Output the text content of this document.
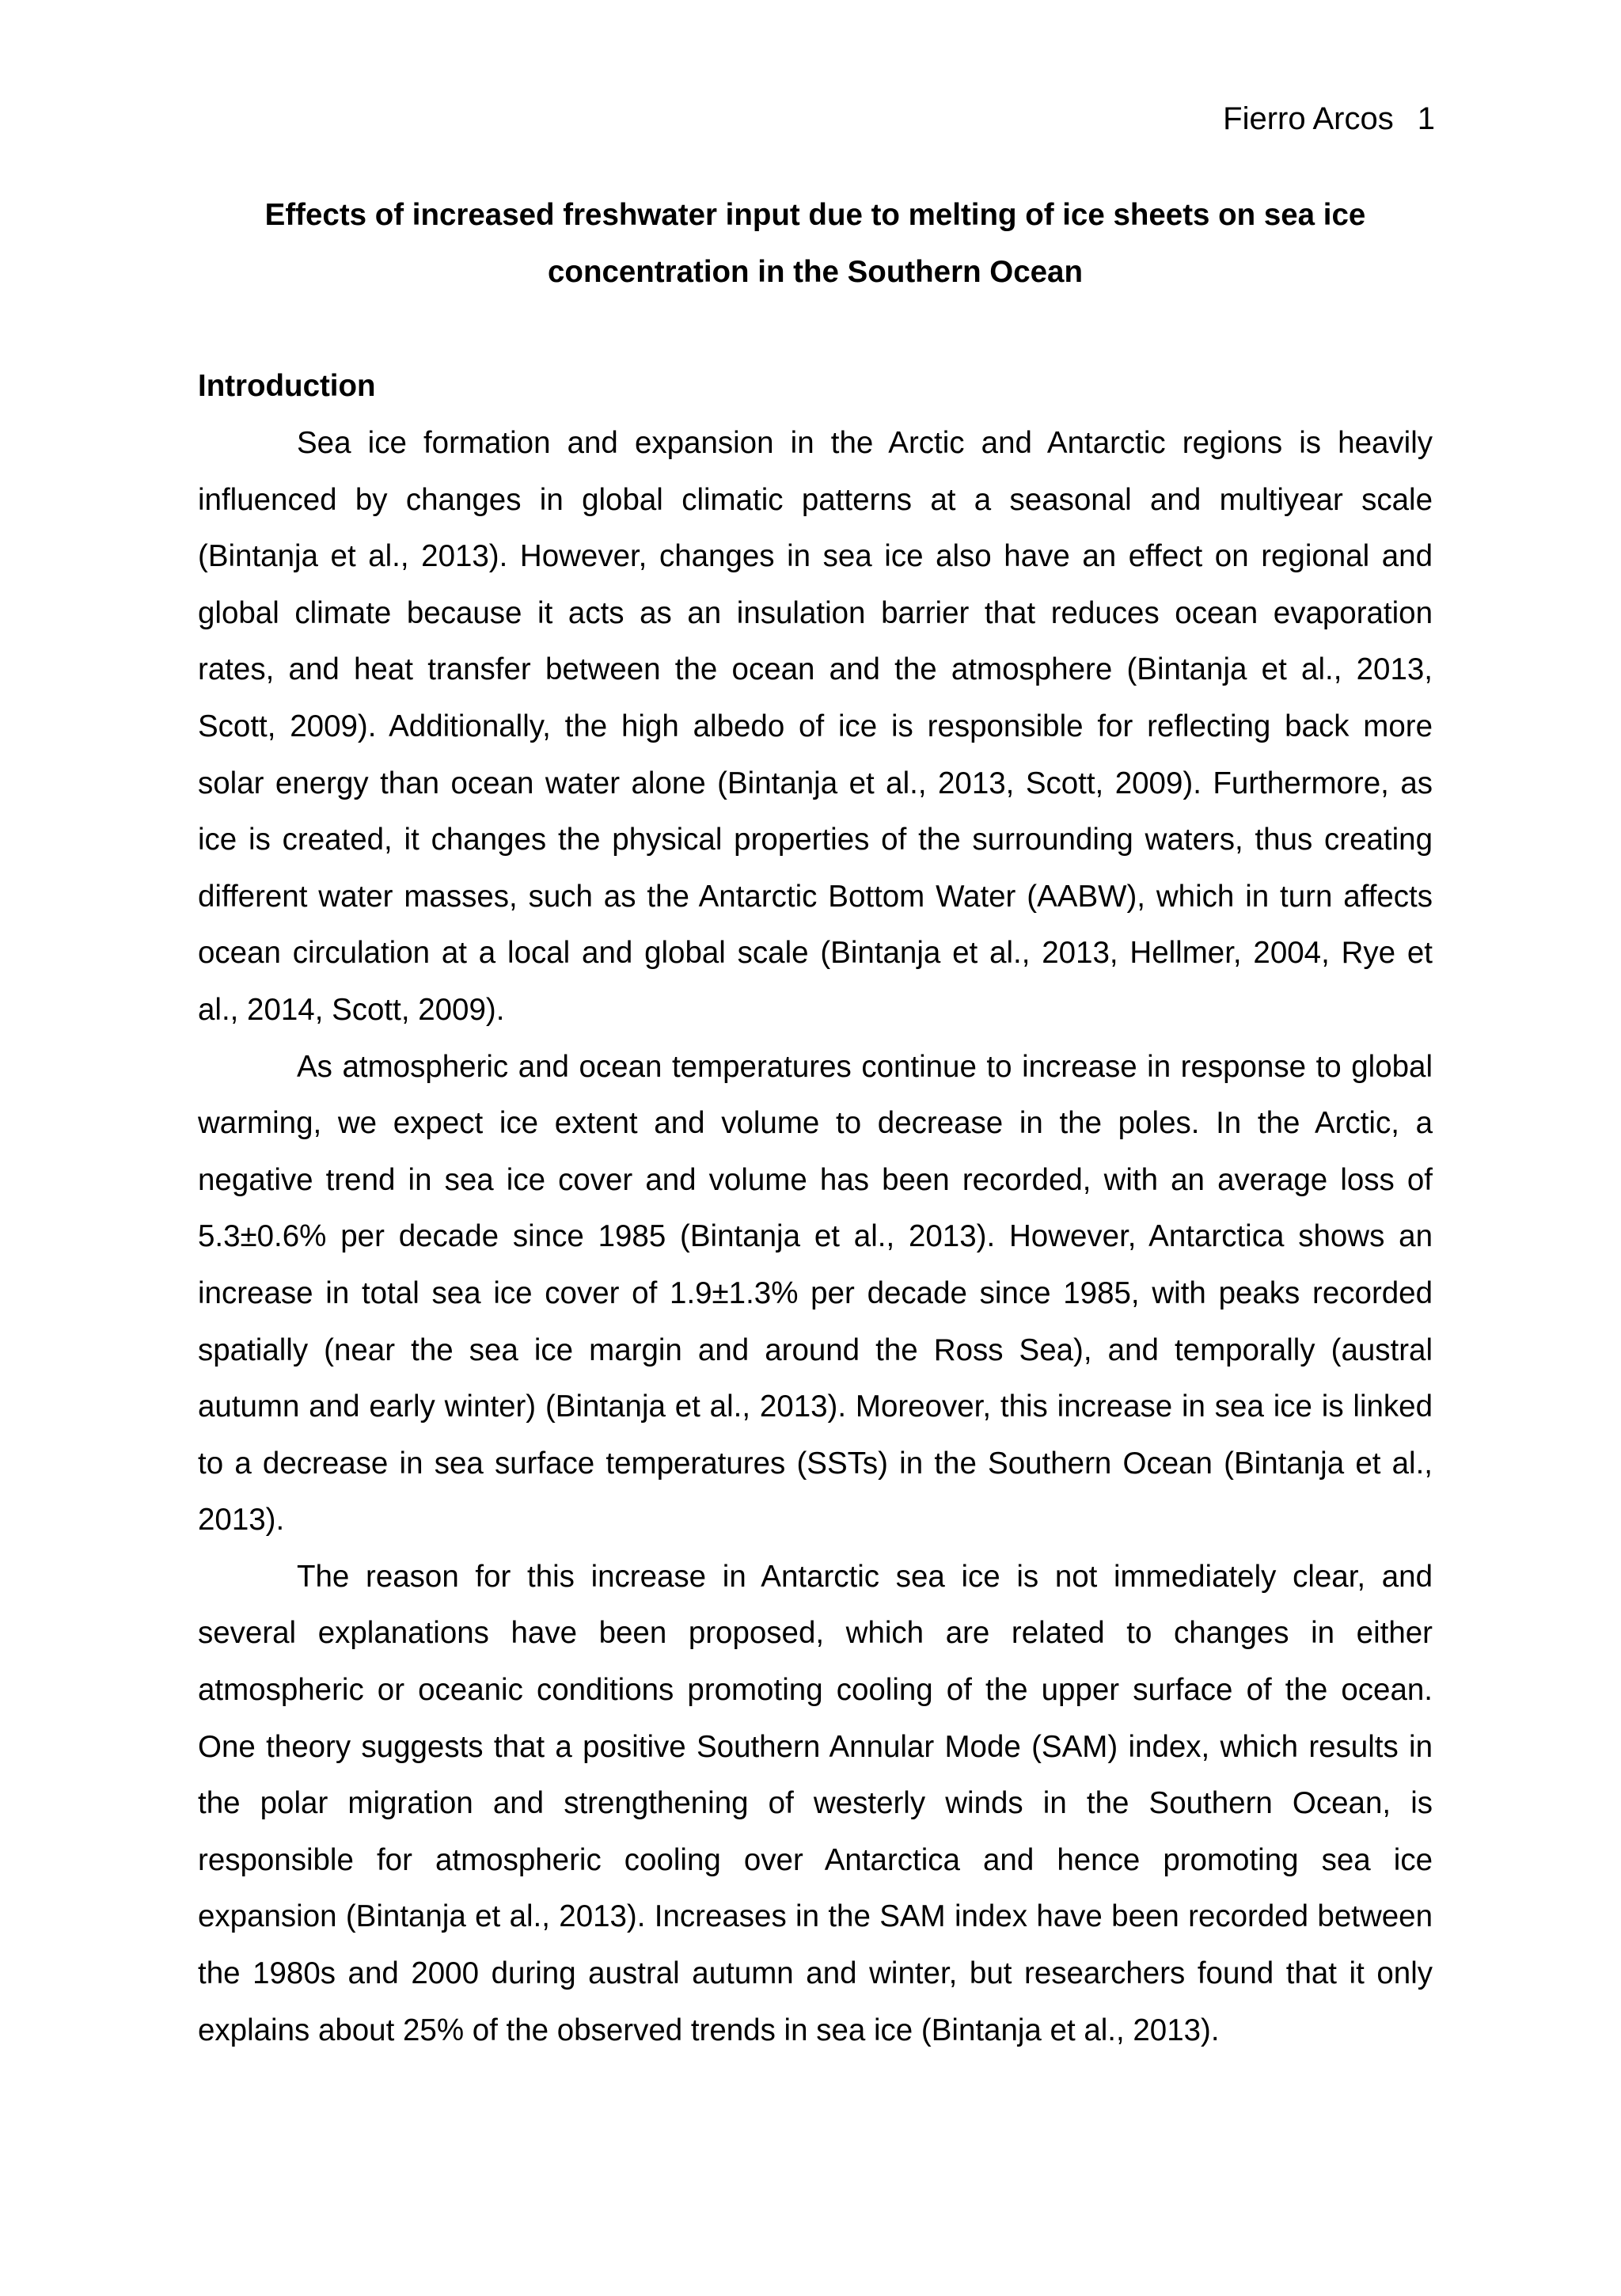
Fierro Arcos 1
Effects of increased freshwater input due to melting of ice sheets on sea ice concentration in the Southern Ocean
Introduction

Sea ice formation and expansion in the Arctic and Antarctic regions is heavily influenced by changes in global climatic patterns at a seasonal and multiyear scale (Bintanja et al., 2013). However, changes in sea ice also have an effect on regional and global climate because it acts as an insulation barrier that reduces ocean evaporation rates, and heat transfer between the ocean and the atmosphere (Bintanja et al., 2013, Scott, 2009). Additionally, the high albedo of ice is responsible for reflecting back more solar energy than ocean water alone (Bintanja et al., 2013, Scott, 2009). Furthermore, as ice is created, it changes the physical properties of the surrounding waters, thus creating different water masses, such as the Antarctic Bottom Water (AABW), which in turn affects ocean circulation at a local and global scale (Bintanja et al., 2013, Hellmer, 2004, Rye et al., 2014, Scott, 2009).

As atmospheric and ocean temperatures continue to increase in response to global warming, we expect ice extent and volume to decrease in the poles. In the Arctic, a negative trend in sea ice cover and volume has been recorded, with an average loss of 5.3±0.6% per decade since 1985 (Bintanja et al., 2013). However, Antarctica shows an increase in total sea ice cover of 1.9±1.3% per decade since 1985, with peaks recorded spatially (near the sea ice margin and around the Ross Sea), and temporally (austral autumn and early winter) (Bintanja et al., 2013). Moreover, this increase in sea ice is linked to a decrease in sea surface temperatures (SSTs) in the Southern Ocean (Bintanja et al., 2013).

The reason for this increase in Antarctic sea ice is not immediately clear, and several explanations have been proposed, which are related to changes in either atmospheric or oceanic conditions promoting cooling of the upper surface of the ocean. One theory suggests that a positive Southern Annular Mode (SAM) index, which results in the polar migration and strengthening of westerly winds in the Southern Ocean, is responsible for atmospheric cooling over Antarctica and hence promoting sea ice expansion (Bintanja et al., 2013). Increases in the SAM index have been recorded between the 1980s and 2000 during austral autumn and winter, but researchers found that it only explains about 25% of the observed trends in sea ice (Bintanja et al., 2013).
